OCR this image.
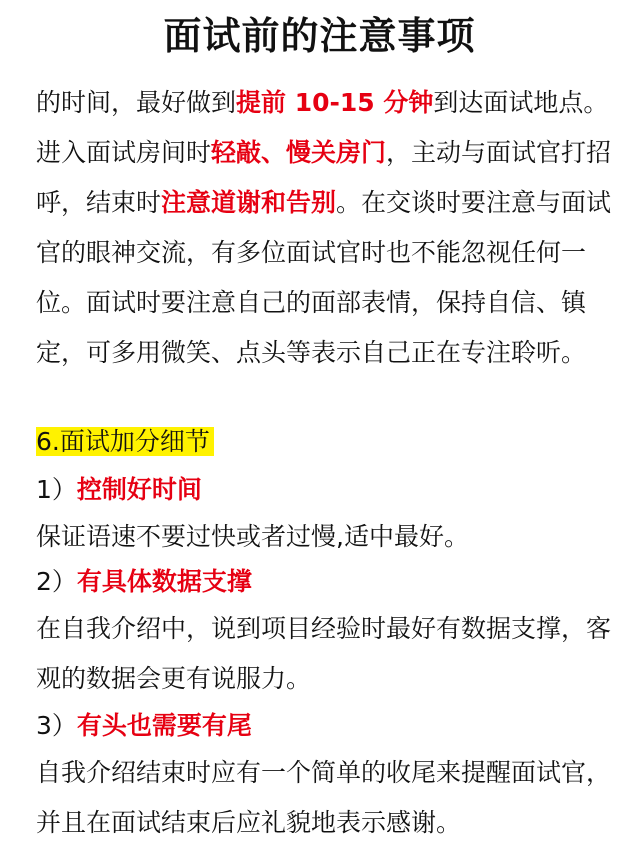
面试前的注意事项
的时间，最好做到提前 10-15 分钟到达面试地点。进入面试房间时轻敲、慢关房门，主动与面试官打招呼，结束时注意道谢和告别。在交谈时要注意与面试官的眼神交流，有多位面试官时也不能忽视任何一位。面试时要注意自己的面部表情，保持自信、镇定，可多用微笑、点头等表示自己正在专注聆听。
6.面试加分细节
1）控制好时间
保证语速不要过快或者过慢,适中最好。
2）有具体数据支撑
在自我介绍中，说到项目经验时最好有数据支撑，客观的数据会更有说服力。
3）有头也需要有尾
自我介绍结束时应有一个简单的收尾来提醒面试官，并且在面试结束后应礼貌地表示感谢。
